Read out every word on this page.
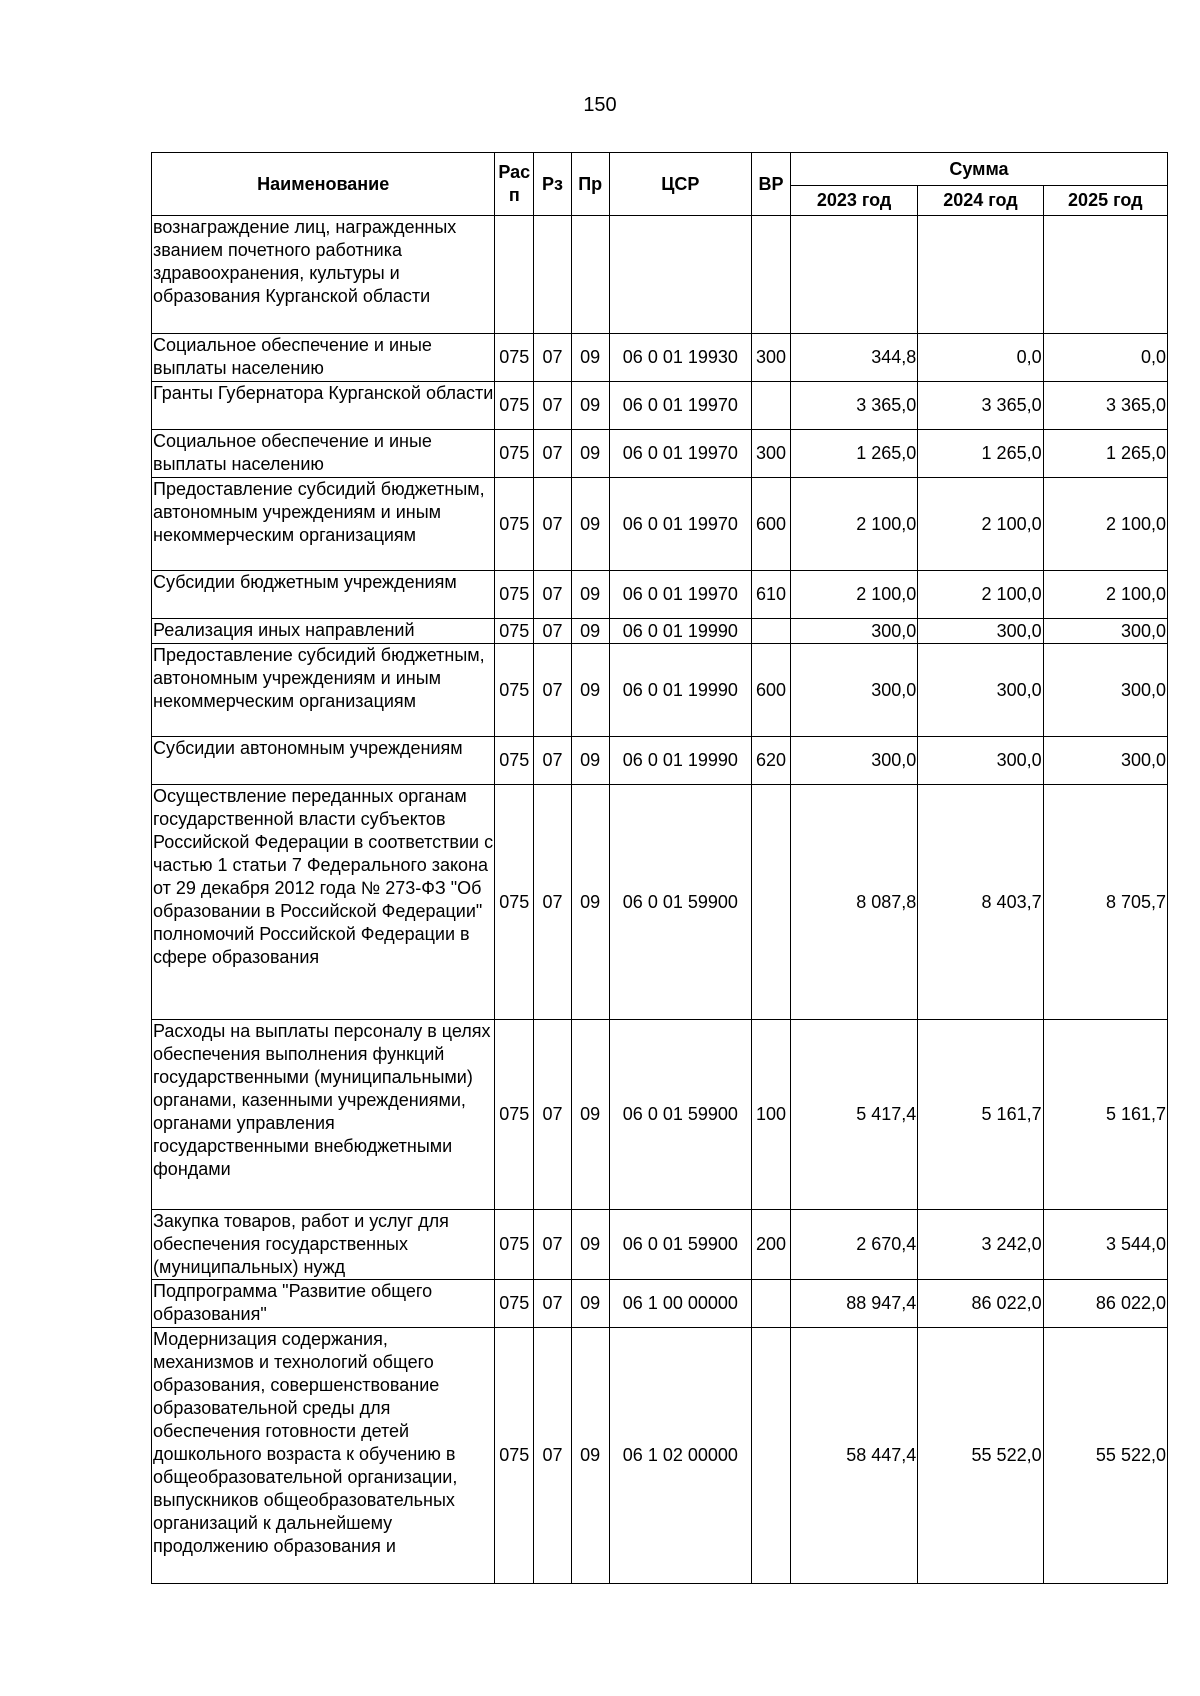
150
Наименование	Рас п	Рз	Пр	ЦСР	ВР	Сумма		
						2023 год	2024 год	2025 год
вознаграждение лиц, награжденных званием почетного работника здравоохранения, культуры и образования Курганской области								
Социальное обеспечение и иные выплаты населению	075	07	09	06 0 01 19930	300	344,8	0,0	0,0
Гранты Губернатора Курганской области	075	07	09	06 0 01 19970		3 365,0	3 365,0	3 365,0
Социальное обеспечение и иные выплаты населению	075	07	09	06 0 01 19970	300	1 265,0	1 265,0	1 265,0
Предоставление субсидий бюджетным, автономным учреждениям и иным некоммерческим организациям	075	07	09	06 0 01 19970	600	2 100,0	2 100,0	2 100,0
Субсидии бюджетным учреждениям	075	07	09	06 0 01 19970	610	2 100,0	2 100,0	2 100,0
Реализация иных направлений	075	07	09	06 0 01 19990		300,0	300,0	300,0
Предоставление субсидий бюджетным, автономным учреждениям и иным некоммерческим организациям	075	07	09	06 0 01 19990	600	300,0	300,0	300,0
Субсидии автономным учреждениям	075	07	09	06 0 01 19990	620	300,0	300,0	300,0
Осуществление переданных органам государственной власти субъектов Российской Федерации в соответствии с частью 1 статьи 7 Федерального закона от 29 декабря 2012 года № 273-ФЗ "Об образовании в Российской Федерации" полномочий Российской Федерации в сфере образования	075	07	09	06 0 01 59900		8 087,8	8 403,7	8 705,7
Расходы на выплаты персоналу в целях обеспечения выполнения функций государственными (муниципальными) органами, казенными учреждениями, органами управления государственными внебюджетными фондами	075	07	09	06 0 01 59900	100	5 417,4	5 161,7	5 161,7
Закупка товаров, работ и услуг для обеспечения государственных (муниципальных) нужд	075	07	09	06 0 01 59900	200	2 670,4	3 242,0	3 544,0
Подпрограмма "Развитие общего образования"	075	07	09	06 1 00 00000		88 947,4	86 022,0	86 022,0
Модернизация содержания, механизмов и технологий общего образования, совершенствование образовательной среды для обеспечения готовности детей дошкольного возраста к обучению в общеобразовательной организации, выпускников общеобразовательных организаций к дальнейшему продолжению образования и	075	07	09	06 1 02 00000		58 447,4	55 522,0	55 522,0
